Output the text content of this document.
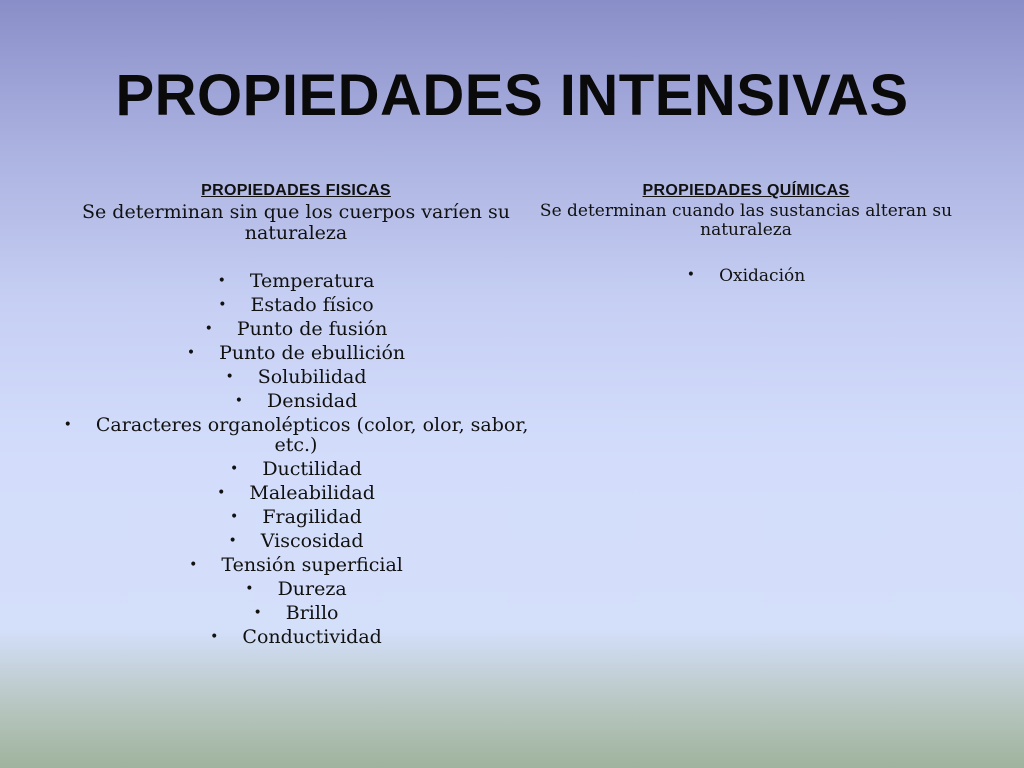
PROPIEDADES INTENSIVAS
PROPIEDADES FISICAS
Se determinan sin que los cuerpos varíen su naturaleza
• Temperatura
• Estado físico
• Punto de fusión
• Punto de ebullición
• Solubilidad
• Densidad
• Caracteres organolépticos (color, olor, sabor, etc.)
• Ductilidad
• Maleabilidad
• Fragilidad
• Viscosidad
• Tensión superficial
• Dureza
• Brillo
• Conductividad
PROPIEDADES QUÍMICAS
Se determinan cuando las sustancias alteran su naturaleza
• Oxidación
